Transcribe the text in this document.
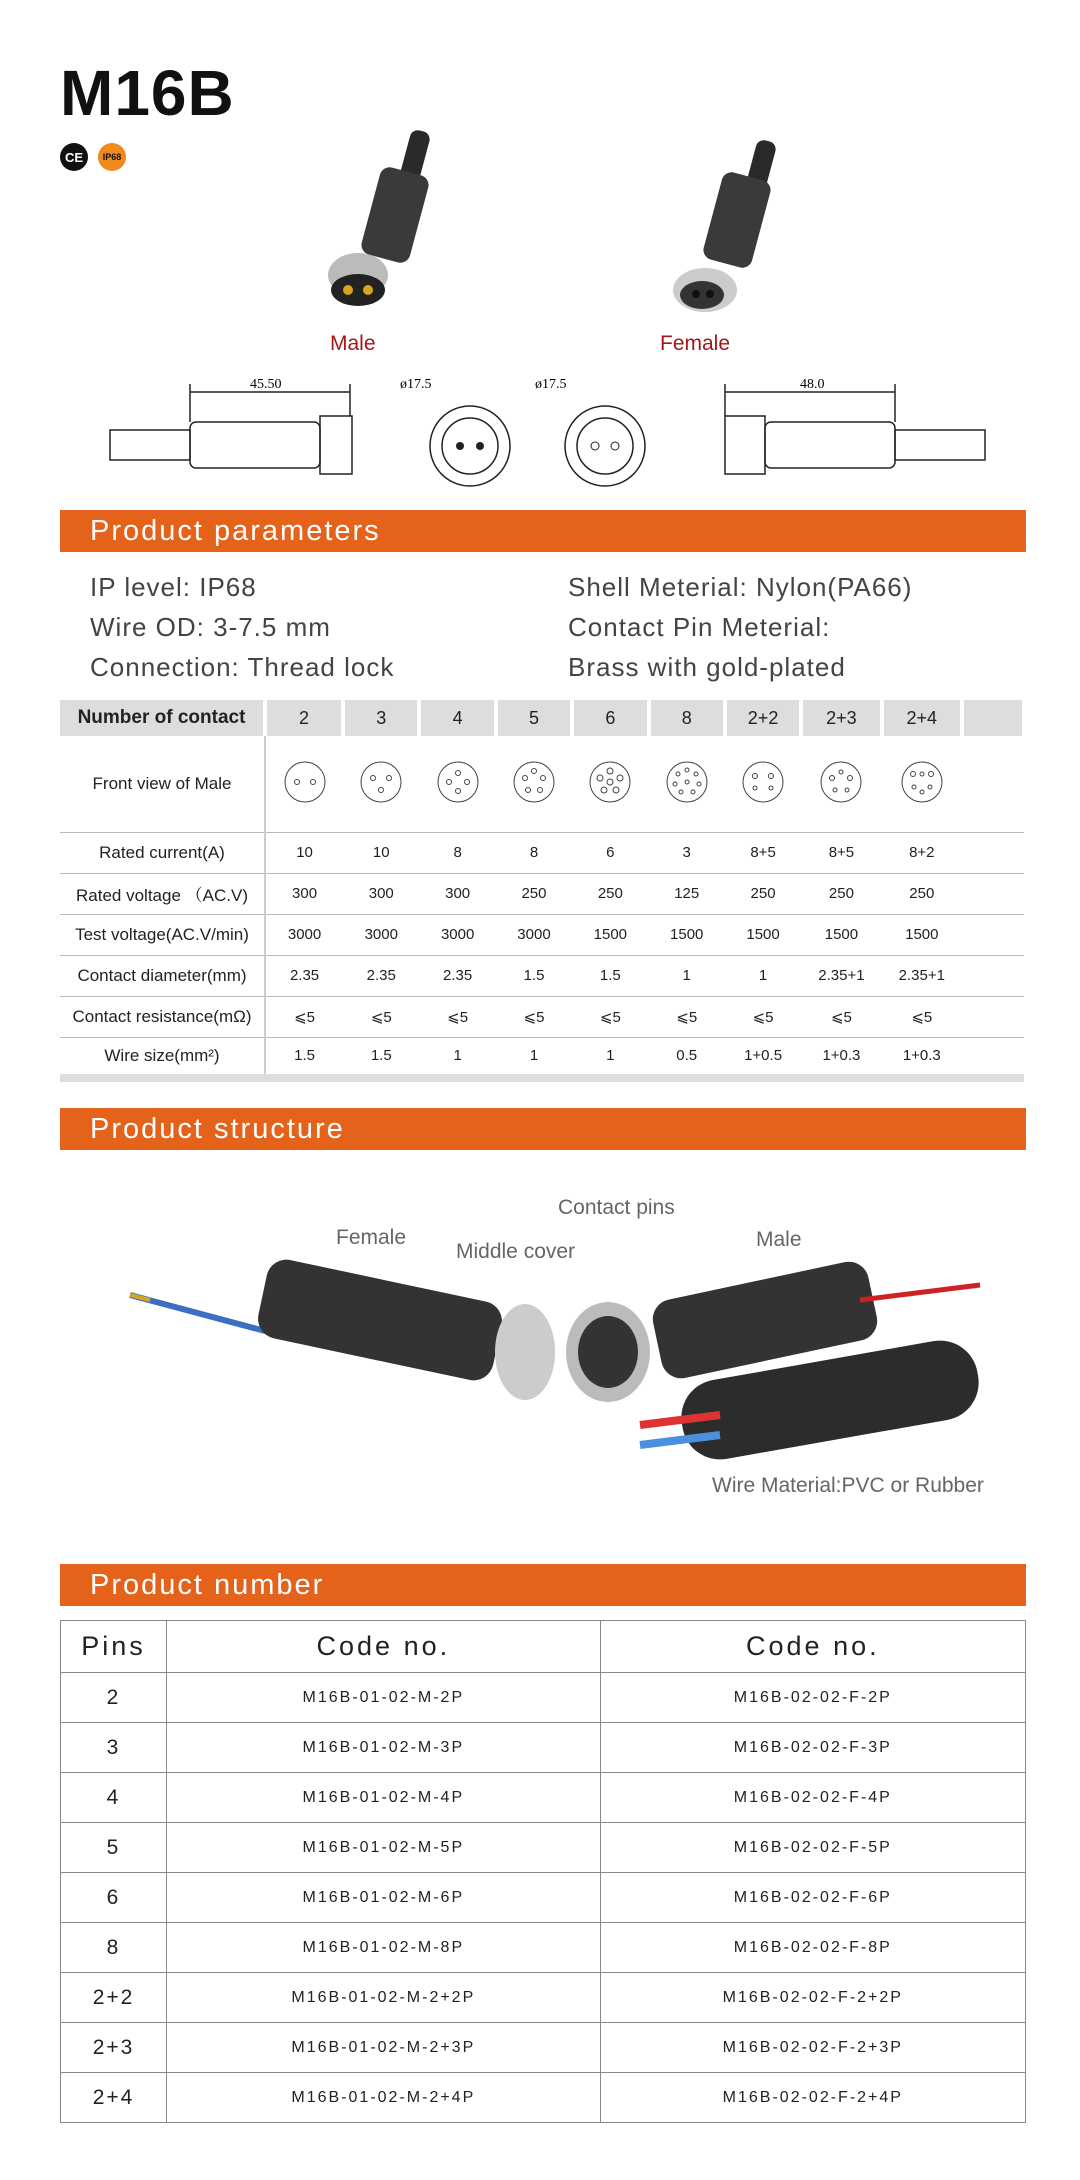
M16B
CE	IP68
Male	Female
45.50	ø17.5	ø17.5	48.0
Product parameters
IP level: IP68
Wire OD: 3-7.5 mm
Connection: Thread lock
Shell Meterial: Nylon(PA66)
Contact Pin Meterial:
Brass with gold-plated
Number of contact	2	3	4	5	6	8	2+2	2+3	2+4	
Front view of Male										
Rated current(A)	10	10	8	8	6	3	8+5	8+5	8+2	
Rated voltage （AC.V)	300	300	300	250	250	125	250	250	250	
Test voltage(AC.V/min)	3000	3000	3000	3000	1500	1500	1500	1500	1500	
Contact diameter(mm)	2.35	2.35	2.35	1.5	1.5	1	1	2.35+1	2.35+1	
Contact resistance(mΩ)	⩽5	⩽5	⩽5	⩽5	⩽5	⩽5	⩽5	⩽5	⩽5	
Wire size(mm²)	1.5	1.5	1	1	1	0.5	1+0.5	1+0.3	1+0.3	
Product structure
Contact pins
Female
Middle cover
Male
Wire Material:PVC or Rubber
Product number
Pins	Code no.	Code no.
2	M16B-01-02-M-2P	M16B-02-02-F-2P
3	M16B-01-02-M-3P	M16B-02-02-F-3P
4	M16B-01-02-M-4P	M16B-02-02-F-4P
5	M16B-01-02-M-5P	M16B-02-02-F-5P
6	M16B-01-02-M-6P	M16B-02-02-F-6P
8	M16B-01-02-M-8P	M16B-02-02-F-8P
2+2	M16B-01-02-M-2+2P	M16B-02-02-F-2+2P
2+3	M16B-01-02-M-2+3P	M16B-02-02-F-2+3P
2+4	M16B-01-02-M-2+4P	M16B-02-02-F-2+4P
